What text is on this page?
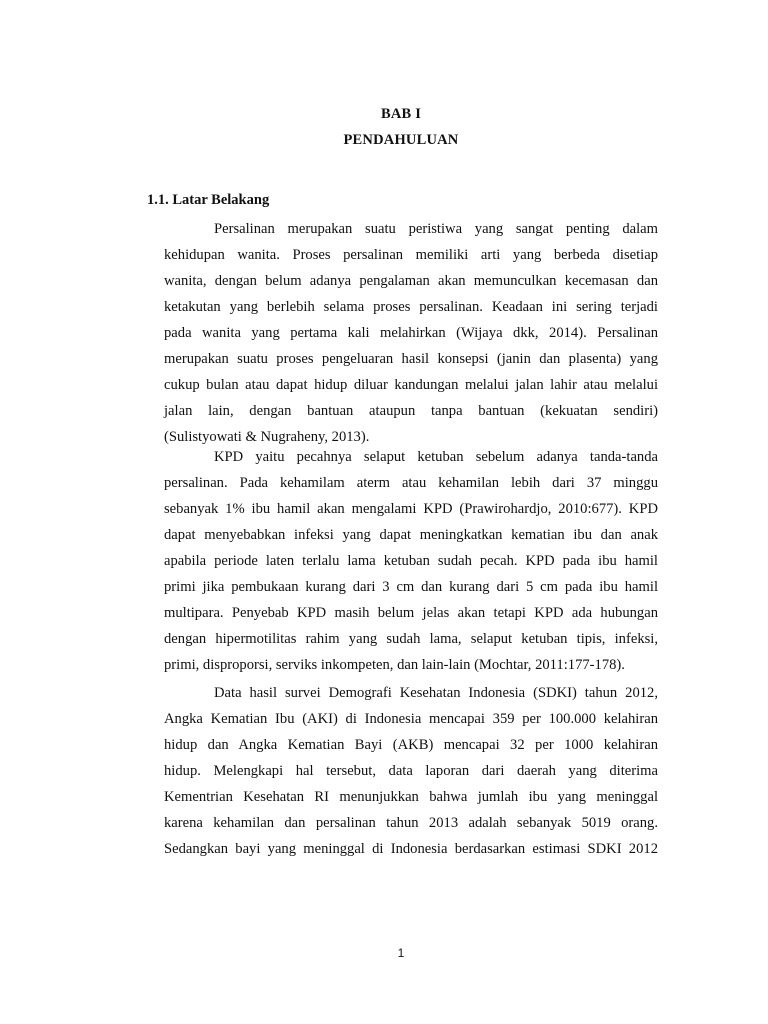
BAB I
PENDAHULUAN
1.1. Latar Belakang
Persalinan merupakan suatu peristiwa yang sangat penting dalam
kehidupan wanita. Proses persalinan memiliki arti yang berbeda disetiap
wanita, dengan belum adanya pengalaman akan memunculkan kecemasan dan
ketakutan yang berlebih selama proses persalinan. Keadaan ini sering terjadi
pada wanita yang pertama kali melahirkan (Wijaya dkk, 2014). Persalinan
merupakan suatu proses pengeluaran hasil konsepsi (janin dan plasenta) yang
cukup bulan atau dapat hidup diluar kandungan melalui jalan lahir atau melalui
jalan lain, dengan bantuan ataupun tanpa bantuan (kekuatan sendiri)
(Sulistyowati & Nugraheny, 2013).
KPD yaitu pecahnya selaput ketuban sebelum adanya tanda-tanda
persalinan. Pada kehamilam aterm atau kehamilan lebih dari 37 minggu
sebanyak 1% ibu hamil akan mengalami KPD (Prawirohardjo, 2010:677). KPD
dapat menyebabkan infeksi yang dapat meningkatkan kematian ibu dan anak
apabila periode laten terlalu lama ketuban sudah pecah. KPD pada ibu hamil
primi jika pembukaan kurang dari 3 cm dan kurang dari 5 cm pada ibu hamil
multipara. Penyebab KPD masih belum jelas akan tetapi KPD ada hubungan
dengan hipermotilitas rahim yang sudah lama, selaput ketuban tipis, infeksi,
primi, disproporsi, serviks inkompeten, dan lain-lain (Mochtar, 2011:177-178).
Data hasil survei Demografi Kesehatan Indonesia (SDKI) tahun 2012,
Angka Kematian Ibu (AKI) di Indonesia mencapai 359 per 100.000 kelahiran
hidup dan Angka Kematian Bayi (AKB) mencapai 32 per 1000 kelahiran
hidup. Melengkapi hal tersebut, data laporan dari daerah yang diterima
Kementrian Kesehatan RI menunjukkan bahwa jumlah ibu yang meninggal
karena kehamilan dan persalinan tahun 2013 adalah sebanyak 5019 orang.
Sedangkan bayi yang meninggal di Indonesia berdasarkan estimasi SDKI 2012
1
